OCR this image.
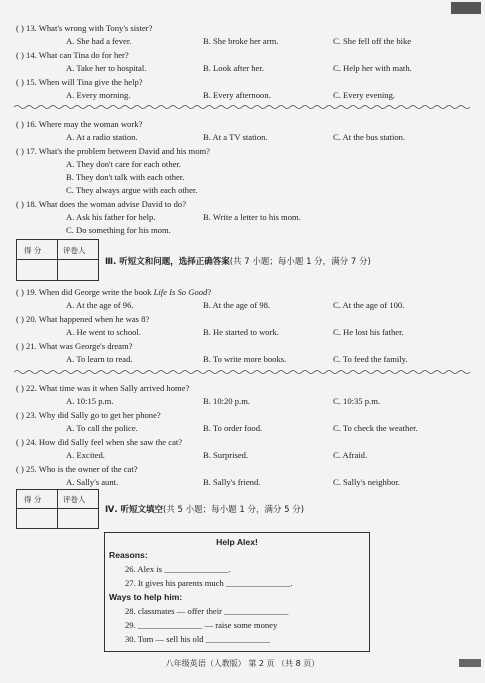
( ) 13. What's wrong with Tony's sister?
A. She had a fever.	B. She broke her arm.	C. She fell off the bike
( ) 14. What can Tina do for her?
A. Take her to hospital.	B. Look after her.	C. Help her with math.
( ) 15. When will Tina give the help?
A. Every morning.	B. Every afternoon.	C. Every evening.
( ) 16. Where may the woman work?
A. At a radio station.	B. At a TV station.	C. At the bus station.
( ) 17. What's the problem between David and his mom?
A. They don't care for each other.
B. They don't talk with each other.
C. They always argue with each other.
( ) 18. What does the woman advise David to do?
A. Ask his father for help.	B. Write a letter to his mom.
C. Do something for his mom.
得 分	评卷人
Ⅲ. 听短文和问题，选择正确答案(共 7 小题；每小题 1 分，满分 7 分)
( ) 19. When did George write the book Life Is So Good?
A. At the age of 96.	B. At the age of 98.	C. At the age of 100.
( ) 20. What happened when he was 8?
A. He went to school.	B. He started to work.	C. He lost his father.
( ) 21. What was George's dream?
A. To learn to read.	B. To write more books.	C. To feed the family.
( ) 22. What time was it when Sally arrived home?
A. 10:15 p.m.	B. 10:20 p.m.	C. 10:35 p.m.
( ) 23. Why did Sally go to get her phone?
A. To call the police.	B. To order food.	C. To check the weather.
( ) 24. How did Sally feel when she saw the cat?
A. Excited.	B. Surprised.	C. Afraid.
( ) 25. Who is the owner of the cat?
A. Sally's aunt.	B. Sally's friend.	C. Sally's neighbor.
得 分	评卷人
Ⅳ. 听短文填空(共 5 小题；每小题 1 分，满分 5 分)
Help Alex!
Reasons:
26. Alex is _______________.
27. It gives his parents much _______________.
Ways to help him:
28. classmates — offer their _______________
29. _______________ — raise some money
30. Tom — sell his old _______________
八年级英语（人教版） 第 2 页 （共 8 页）
